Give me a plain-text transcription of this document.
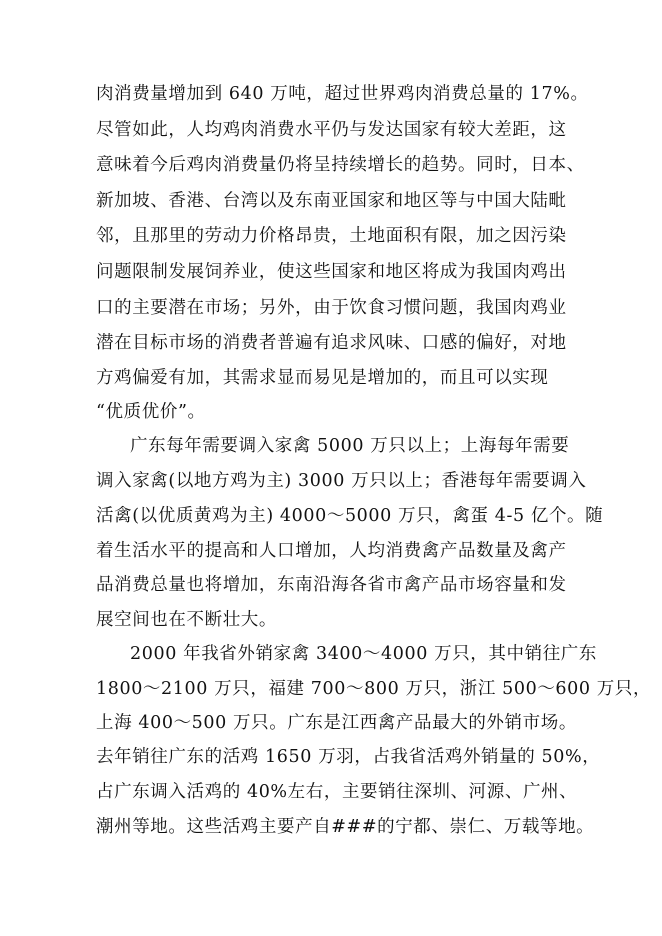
肉消费量增加到 640 万吨，超过世界鸡肉消费总量的 17%。
尽管如此，人均鸡肉消费水平仍与发达国家有较大差距，这
意味着今后鸡肉消费量仍将呈持续增长的趋势。同时，日本、
新加坡、香港、台湾以及东南亚国家和地区等与中国大陆毗
邻，且那里的劳动力价格昂贵，土地面积有限，加之因污染
问题限制发展饲养业，使这些国家和地区将成为我国肉鸡出
口的主要潜在市场；另外，由于饮食习惯问题，我国肉鸡业
潜在目标市场的消费者普遍有追求风味、口感的偏好，对地
方鸡偏爱有加，其需求显而易见是增加的，而且可以实现
“优质优价”。
广东每年需要调入家禽 5000 万只以上；上海每年需要
调入家禽(以地方鸡为主) 3000 万只以上；香港每年需要调入
活禽(以优质黄鸡为主) 4000～5000 万只，禽蛋 4-5 亿个。随
着生活水平的提高和人口增加，人均消费禽产品数量及禽产
品消费总量也将增加，东南沿海各省市禽产品市场容量和发
展空间也在不断壮大。
2000 年我省外销家禽 3400～4000 万只，其中销往广东
1800～2100 万只，福建 700～800 万只，浙江 500～600 万只，
上海 400～500 万只。广东是江西禽产品最大的外销市场。
去年销往广东的活鸡 1650 万羽，占我省活鸡外销量的 50%，
占广东调入活鸡的 40%左右，主要销往深圳、河源、广州、
潮州等地。这些活鸡主要产自###的宁都、崇仁、万载等地。
